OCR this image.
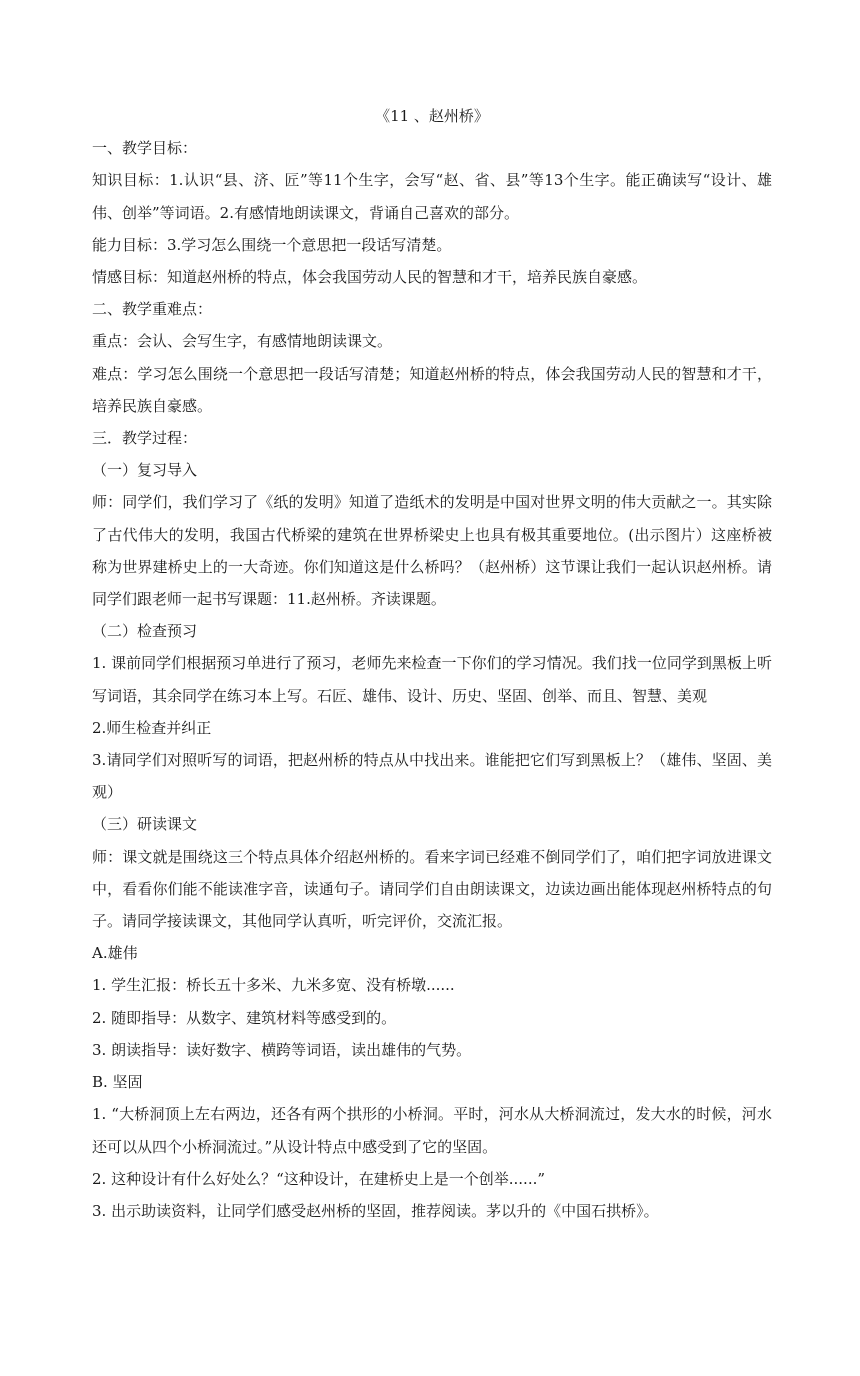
《11 、赵州桥》

一、教学目标：

知识目标：1.认识“县、济、匠”等11个生字，会写“赵、省、县”等13个生字。能正确读写“设计、雄伟、创举”等词语。2.有感情地朗读课文，背诵自己喜欢的部分。

能力目标：3.学习怎么围绕一个意思把一段话写清楚。

情感目标：知道赵州桥的特点，体会我国劳动人民的智慧和才干，培养民族自豪感。

二、教学重难点：

重点：会认、会写生字，有感情地朗读课文。

难点：学习怎么围绕一个意思把一段话写清楚；知道赵州桥的特点，体会我国劳动人民的智慧和才干，培养民族自豪感。

三．教学过程：

（一）复习导入

师：同学们，我们学习了《纸的发明》知道了造纸术的发明是中国对世界文明的伟大贡献之一。其实除了古代伟大的发明，我国古代桥梁的建筑在世界桥梁史上也具有极其重要地位。(出示图片）这座桥被称为世界建桥史上的一大奇迹。你们知道这是什么桥吗？（赵州桥）这节课让我们一起认识赵州桥。请同学们跟老师一起书写课题：11.赵州桥。齐读课题。

（二）检查预习

1. 课前同学们根据预习单进行了预习，老师先来检查一下你们的学习情况。我们找一位同学到黑板上听写词语，其余同学在练习本上写。石匠、雄伟、设计、历史、坚固、创举、而且、智慧、美观

2.师生检查并纠正

3.请同学们对照听写的词语，把赵州桥的特点从中找出来。谁能把它们写到黑板上？（雄伟、坚固、美观）

（三）研读课文

师：课文就是围绕这三个特点具体介绍赵州桥的。看来字词已经难不倒同学们了，咱们把字词放进课文中，看看你们能不能读准字音，读通句子。请同学们自由朗读课文，边读边画出能体现赵州桥特点的句子。请同学接读课文，其他同学认真听，听完评价，交流汇报。

A.雄伟

1. 学生汇报：桥长五十多米、九米多宽、没有桥墩......

2. 随即指导：从数字、建筑材料等感受到的。

3. 朗读指导：读好数字、横跨等词语，读出雄伟的气势。

B. 坚固

1. “大桥洞顶上左右两边，还各有两个拱形的小桥洞。平时，河水从大桥洞流过，发大水的时候，河水还可以从四个小桥洞流过。”从设计特点中感受到了它的坚固。

2. 这种设计有什么好处么？“这种设计，在建桥史上是一个创举......”

3. 出示助读资料，让同学们感受赵州桥的坚固，推荐阅读。茅以升的《中国石拱桥》。
